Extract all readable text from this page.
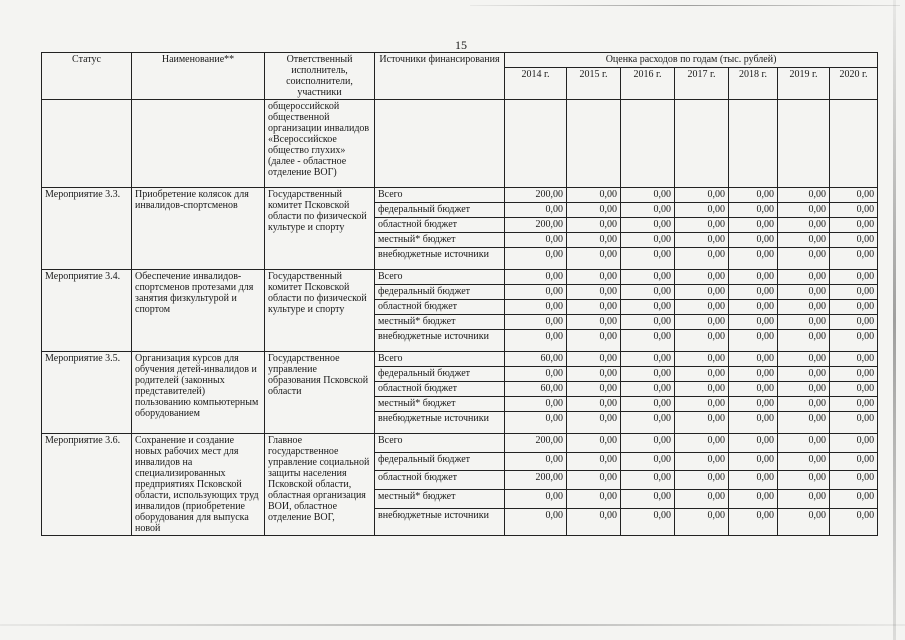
15
Статус	Наименование**	Ответственный исполнитель, соисполнители, участники	Источники финансирования	Оценка расходов по годам (тыс. рублей)						
				2014 г.	2015 г.	2016 г.	2017 г.	2018 г.	2019 г.	2020 г.
		общероссийской общественной организации инвалидов «Всероссийское общество глухих» (далее - областное отделение ВОГ)								
Мероприятие 3.3.	Приобретение колясок для инвалидов-спортсменов	Государственный комитет Псковской области по физической культуре и спорту	Всего	200,00	0,00	0,00	0,00	0,00	0,00	0,00
			федеральный бюджет	0,00	0,00	0,00	0,00	0,00	0,00	0,00
			областной бюджет	200,00	0,00	0,00	0,00	0,00	0,00	0,00
			местный* бюджет	0,00	0,00	0,00	0,00	0,00	0,00	0,00
			внебюджетные источники	0,00	0,00	0,00	0,00	0,00	0,00	0,00
Мероприятие 3.4.	Обеспечение инвалидов-спортсменов протезами для занятия физкультурой и спортом	Государственный комитет Псковской области по физической культуре и спорту	Всего	0,00	0,00	0,00	0,00	0,00	0,00	0,00
			федеральный бюджет	0,00	0,00	0,00	0,00	0,00	0,00	0,00
			областной бюджет	0,00	0,00	0,00	0,00	0,00	0,00	0,00
			местный* бюджет	0,00	0,00	0,00	0,00	0,00	0,00	0,00
			внебюджетные источники	0,00	0,00	0,00	0,00	0,00	0,00	0,00
Мероприятие 3.5.	Организация курсов для обучения детей-инвалидов и родителей (законных представителей) пользованию компьютерным оборудованием	Государственное управление образования Псковской области	Всего	60,00	0,00	0,00	0,00	0,00	0,00	0,00
			федеральный бюджет	0,00	0,00	0,00	0,00	0,00	0,00	0,00
			областной бюджет	60,00	0,00	0,00	0,00	0,00	0,00	0,00
			местный* бюджет	0,00	0,00	0,00	0,00	0,00	0,00	0,00
			внебюджетные источники	0,00	0,00	0,00	0,00	0,00	0,00	0,00
Мероприятие 3.6.	Сохранение и создание новых рабочих мест для инвалидов на специализированных предприятиях Псковской области, использующих труд инвалидов (приобретение оборудования для выпуска новой	Главное государственное управление социальной защиты населения Псковской области, областная организация ВОИ, областное отделение ВОГ,	Всего	200,00	0,00	0,00	0,00	0,00	0,00	0,00
			федеральный бюджет	0,00	0,00	0,00	0,00	0,00	0,00	0,00
			областной бюджет	200,00	0,00	0,00	0,00	0,00	0,00	0,00
			местный* бюджет	0,00	0,00	0,00	0,00	0,00	0,00	0,00
			внебюджетные источники	0,00	0,00	0,00	0,00	0,00	0,00	0,00
